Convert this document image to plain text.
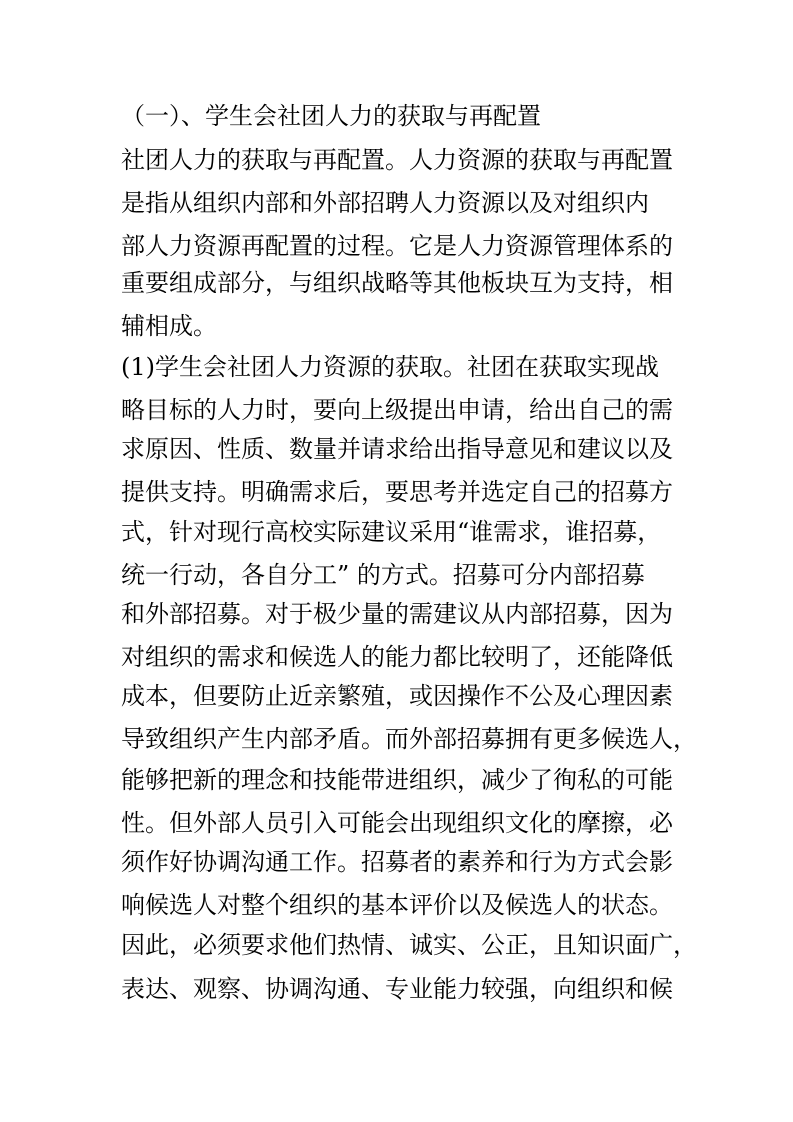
（一）、学生会社团人力的获取与再配置
社团人力的获取与再配置。人力资源的获取与再配置
是指从组织内部和外部招聘人力资源以及对组织内
部人力资源再配置的过程。它是人力资源管理体系的
重要组成部分，与组织战略等其他板块互为支持，相
辅相成。
(1)学生会社团人力资源的获取。社团在获取实现战
略目标的人力时，要向上级提出申请，给出自己的需
求原因、性质、数量并请求给出指导意见和建议以及
提供支持。明确需求后，要思考并选定自己的招募方
式，针对现行高校实际建议采用“谁需求，谁招募，
统一行动，各自分工” 的方式。招募可分内部招募
和外部招募。对于极少量的需建议从内部招募，因为
对组织的需求和候选人的能力都比较明了，还能降低
成本，但要防止近亲繁殖，或因操作不公及心理因素
导致组织产生内部矛盾。而外部招募拥有更多候选人，
能够把新的理念和技能带进组织，减少了徇私的可能
性。但外部人员引入可能会出现组织文化的摩擦，必
须作好协调沟通工作。招募者的素养和行为方式会影
响候选人对整个组织的基本评价以及候选人的状态。
因此，必须要求他们热情、诚实、公正，且知识面广，
表达、观察、协调沟通、专业能力较强，向组织和候
